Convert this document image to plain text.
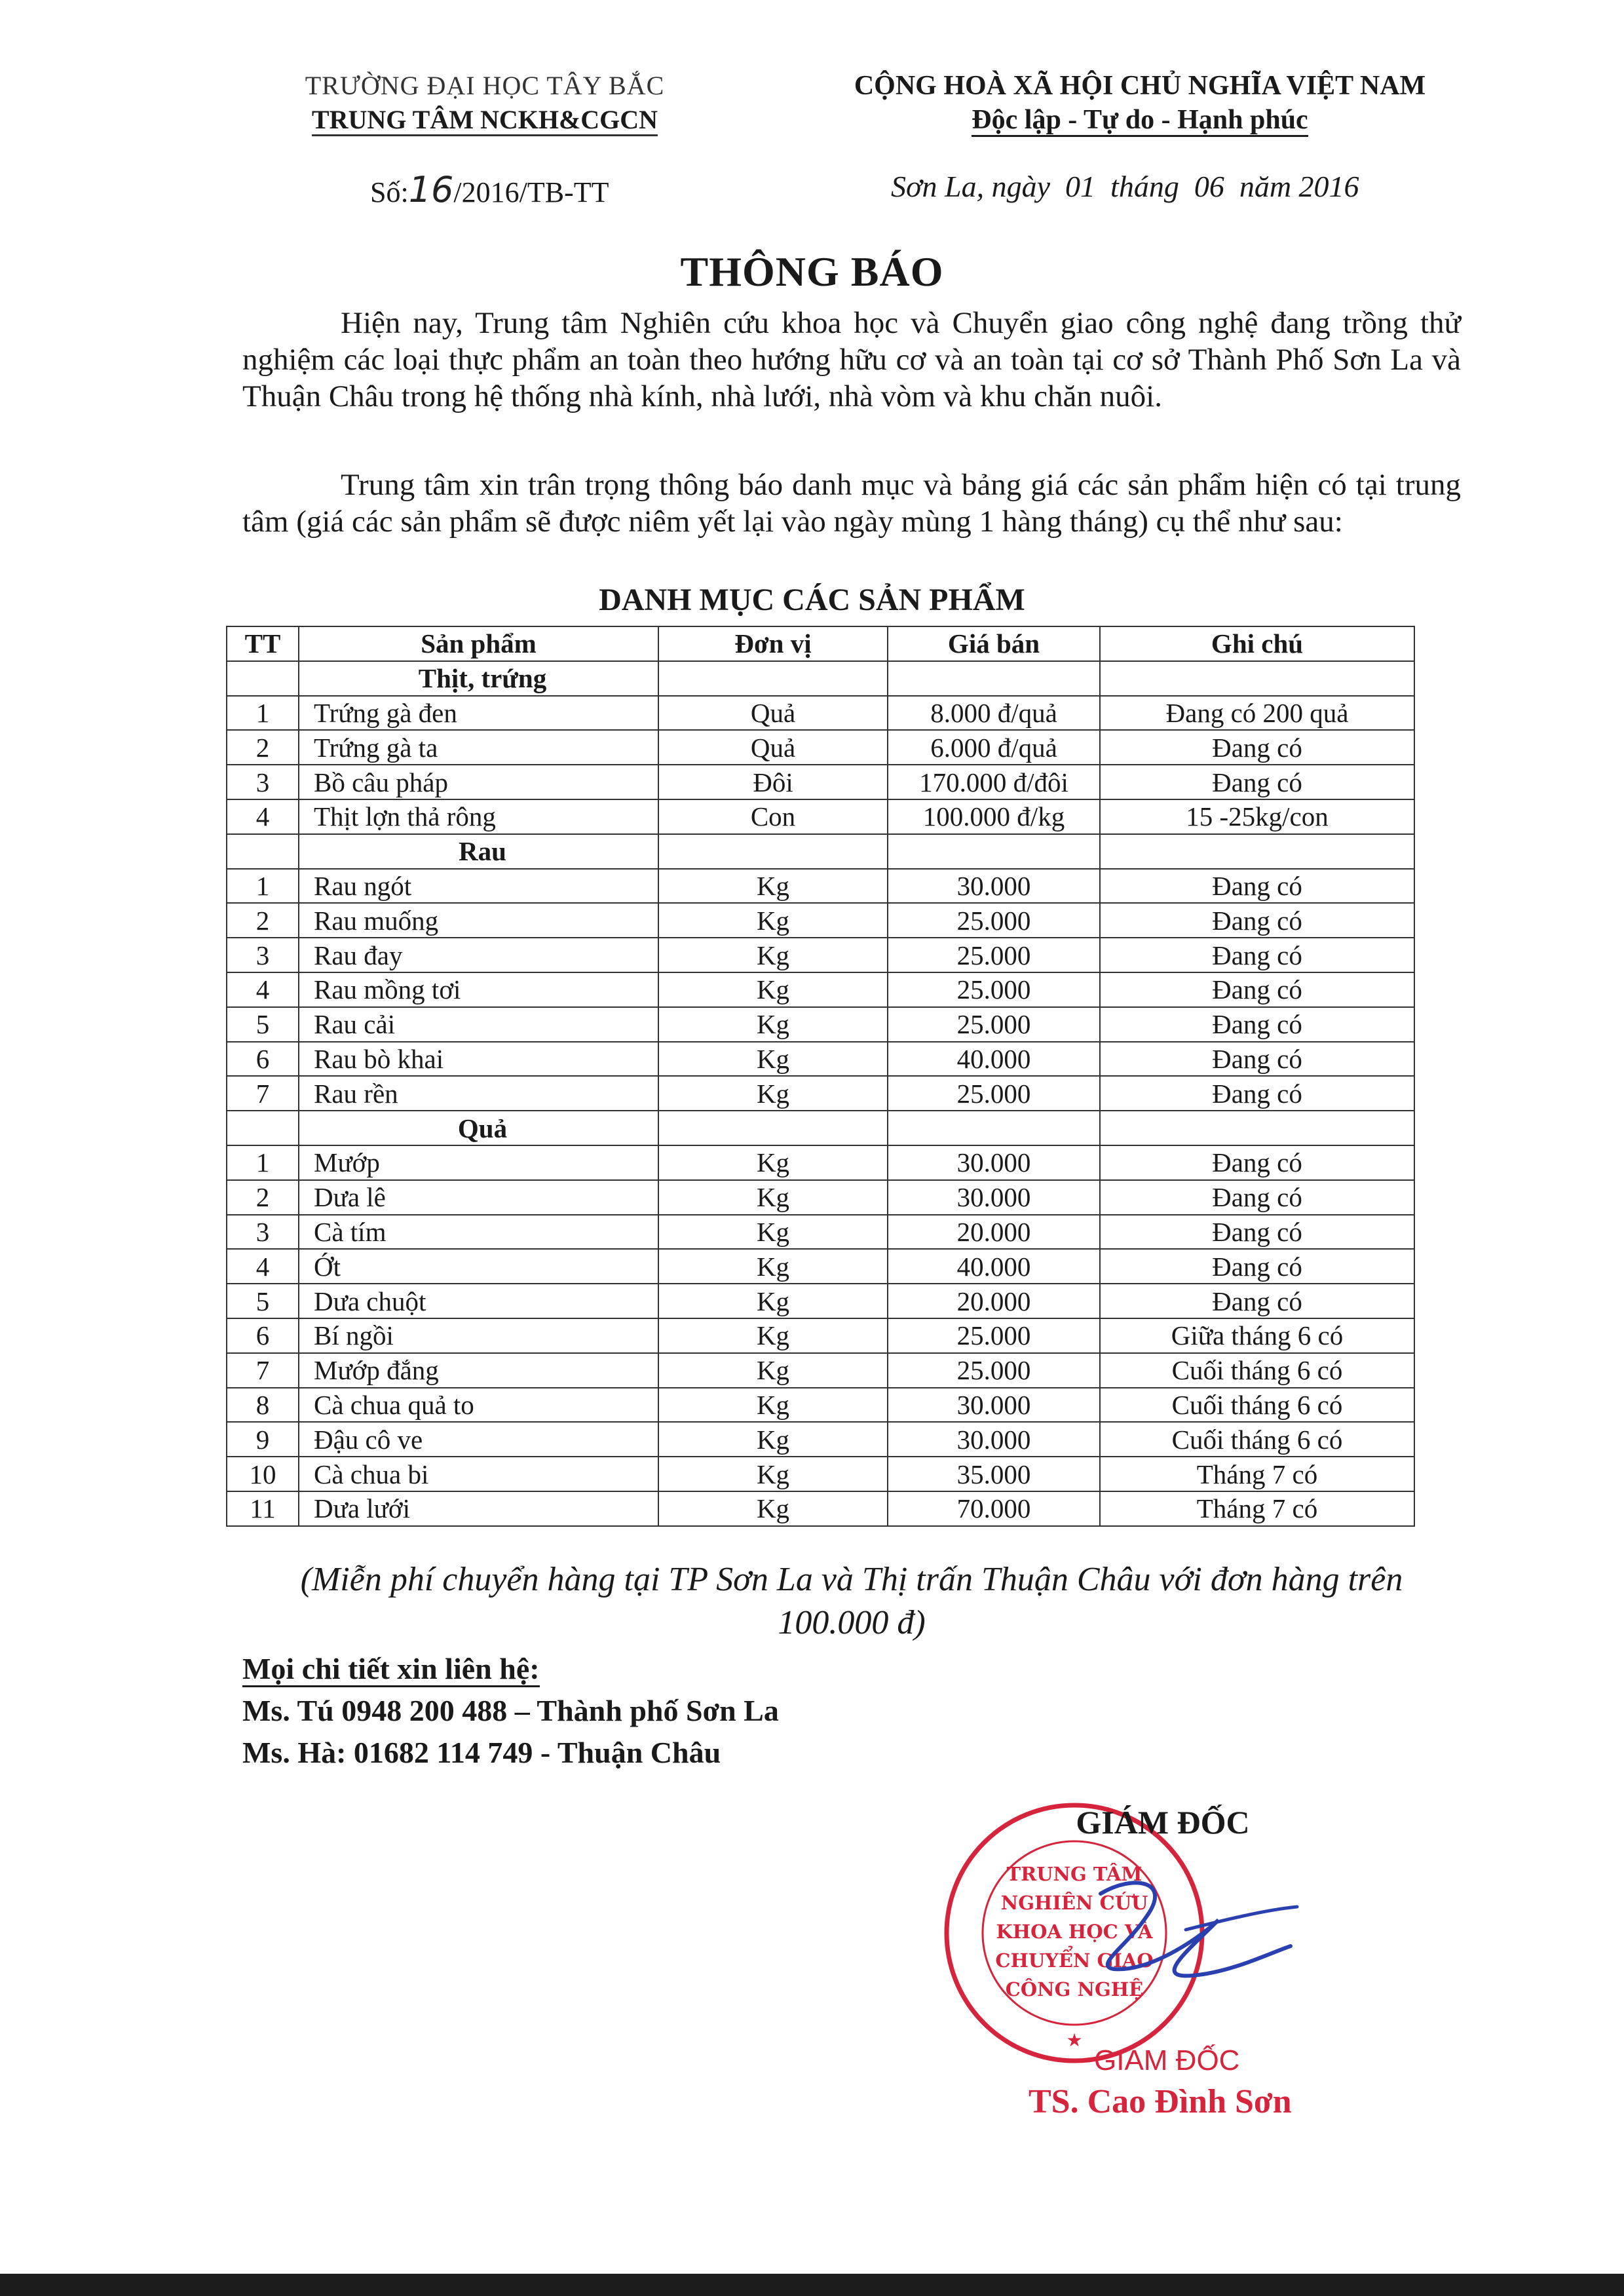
TRƯỜNG ĐẠI HỌC TÂY BẮC
TRUNG TÂM NCKH&CGCN
CỘNG HOÀ XÃ HỘI CHỦ NGHĨA VIỆT NAM
Độc lập - Tự do - Hạnh phúc
Số:16/2016/TB-TT	Sơn La, ngày  01  tháng  06  năm 2016
THÔNG BÁO
Hiện nay, Trung tâm Nghiên cứu khoa học và Chuyển giao công nghệ đang trồng thử nghiệm các loại thực phẩm an toàn theo hướng hữu cơ và an toàn tại cơ sở Thành Phố Sơn La và Thuận Châu trong hệ thống nhà kính, nhà lưới, nhà vòm và khu chăn nuôi.
Trung tâm xin trân trọng thông báo danh mục và bảng giá các sản phẩm hiện có tại trung tâm (giá các sản phẩm sẽ được niêm yết lại vào ngày mùng 1 hàng tháng) cụ thể như sau:
DANH MỤC CÁC SẢN PHẨM
TT	Sản phẩm	Đơn vị	Giá bán	Ghi chú
	Thịt, trứng			
1	Trứng gà đen	Quả	8.000 đ/quả	Đang có 200 quả
2	Trứng gà ta	Quả	6.000 đ/quả	Đang có
3	Bồ câu pháp	Đôi	170.000 đ/đôi	Đang có
4	Thịt lợn thả rông	Con	100.000 đ/kg	15 -25kg/con
	Rau			
1	Rau ngót	Kg	30.000	Đang có
2	Rau muống	Kg	25.000	Đang có
3	Rau đay	Kg	25.000	Đang có
4	Rau mồng tơi	Kg	25.000	Đang có
5	Rau cải	Kg	25.000	Đang có
6	Rau bò khai	Kg	40.000	Đang có
7	Rau rền	Kg	25.000	Đang có
	Quả			
1	Mướp	Kg	30.000	Đang có
2	Dưa lê	Kg	30.000	Đang có
3	Cà tím	Kg	20.000	Đang có
4	Ớt	Kg	40.000	Đang có
5	Dưa chuột	Kg	20.000	Đang có
6	Bí ngồi	Kg	25.000	Giữa tháng 6 có
7	Mướp đắng	Kg	25.000	Cuối tháng 6 có
8	Cà chua quả to	Kg	30.000	Cuối tháng 6 có
9	Đậu cô ve	Kg	30.000	Cuối tháng 6 có
10	Cà chua bi	Kg	35.000	Tháng 7 có
11	Dưa lưới	Kg	70.000	Tháng 7 có
(Miễn phí chuyển hàng tại TP Sơn La và Thị trấn Thuận Châu với đơn hàng trên 100.000 đ)
Mọi chi tiết xin liên hệ:
Ms. Tú 0948 200 488 – Thành phố Sơn La
Ms. Hà: 01682 114 749 - Thuận Châu
TRUNG TÂM
NGHIÊN CỨU
KHOA HỌC VÀ
CHUYỂN GIAO
CÔNG NGHỆ
★
GIÁM ĐỐC
GIÁM ĐỐC
TS. Cao Đình Sơn
